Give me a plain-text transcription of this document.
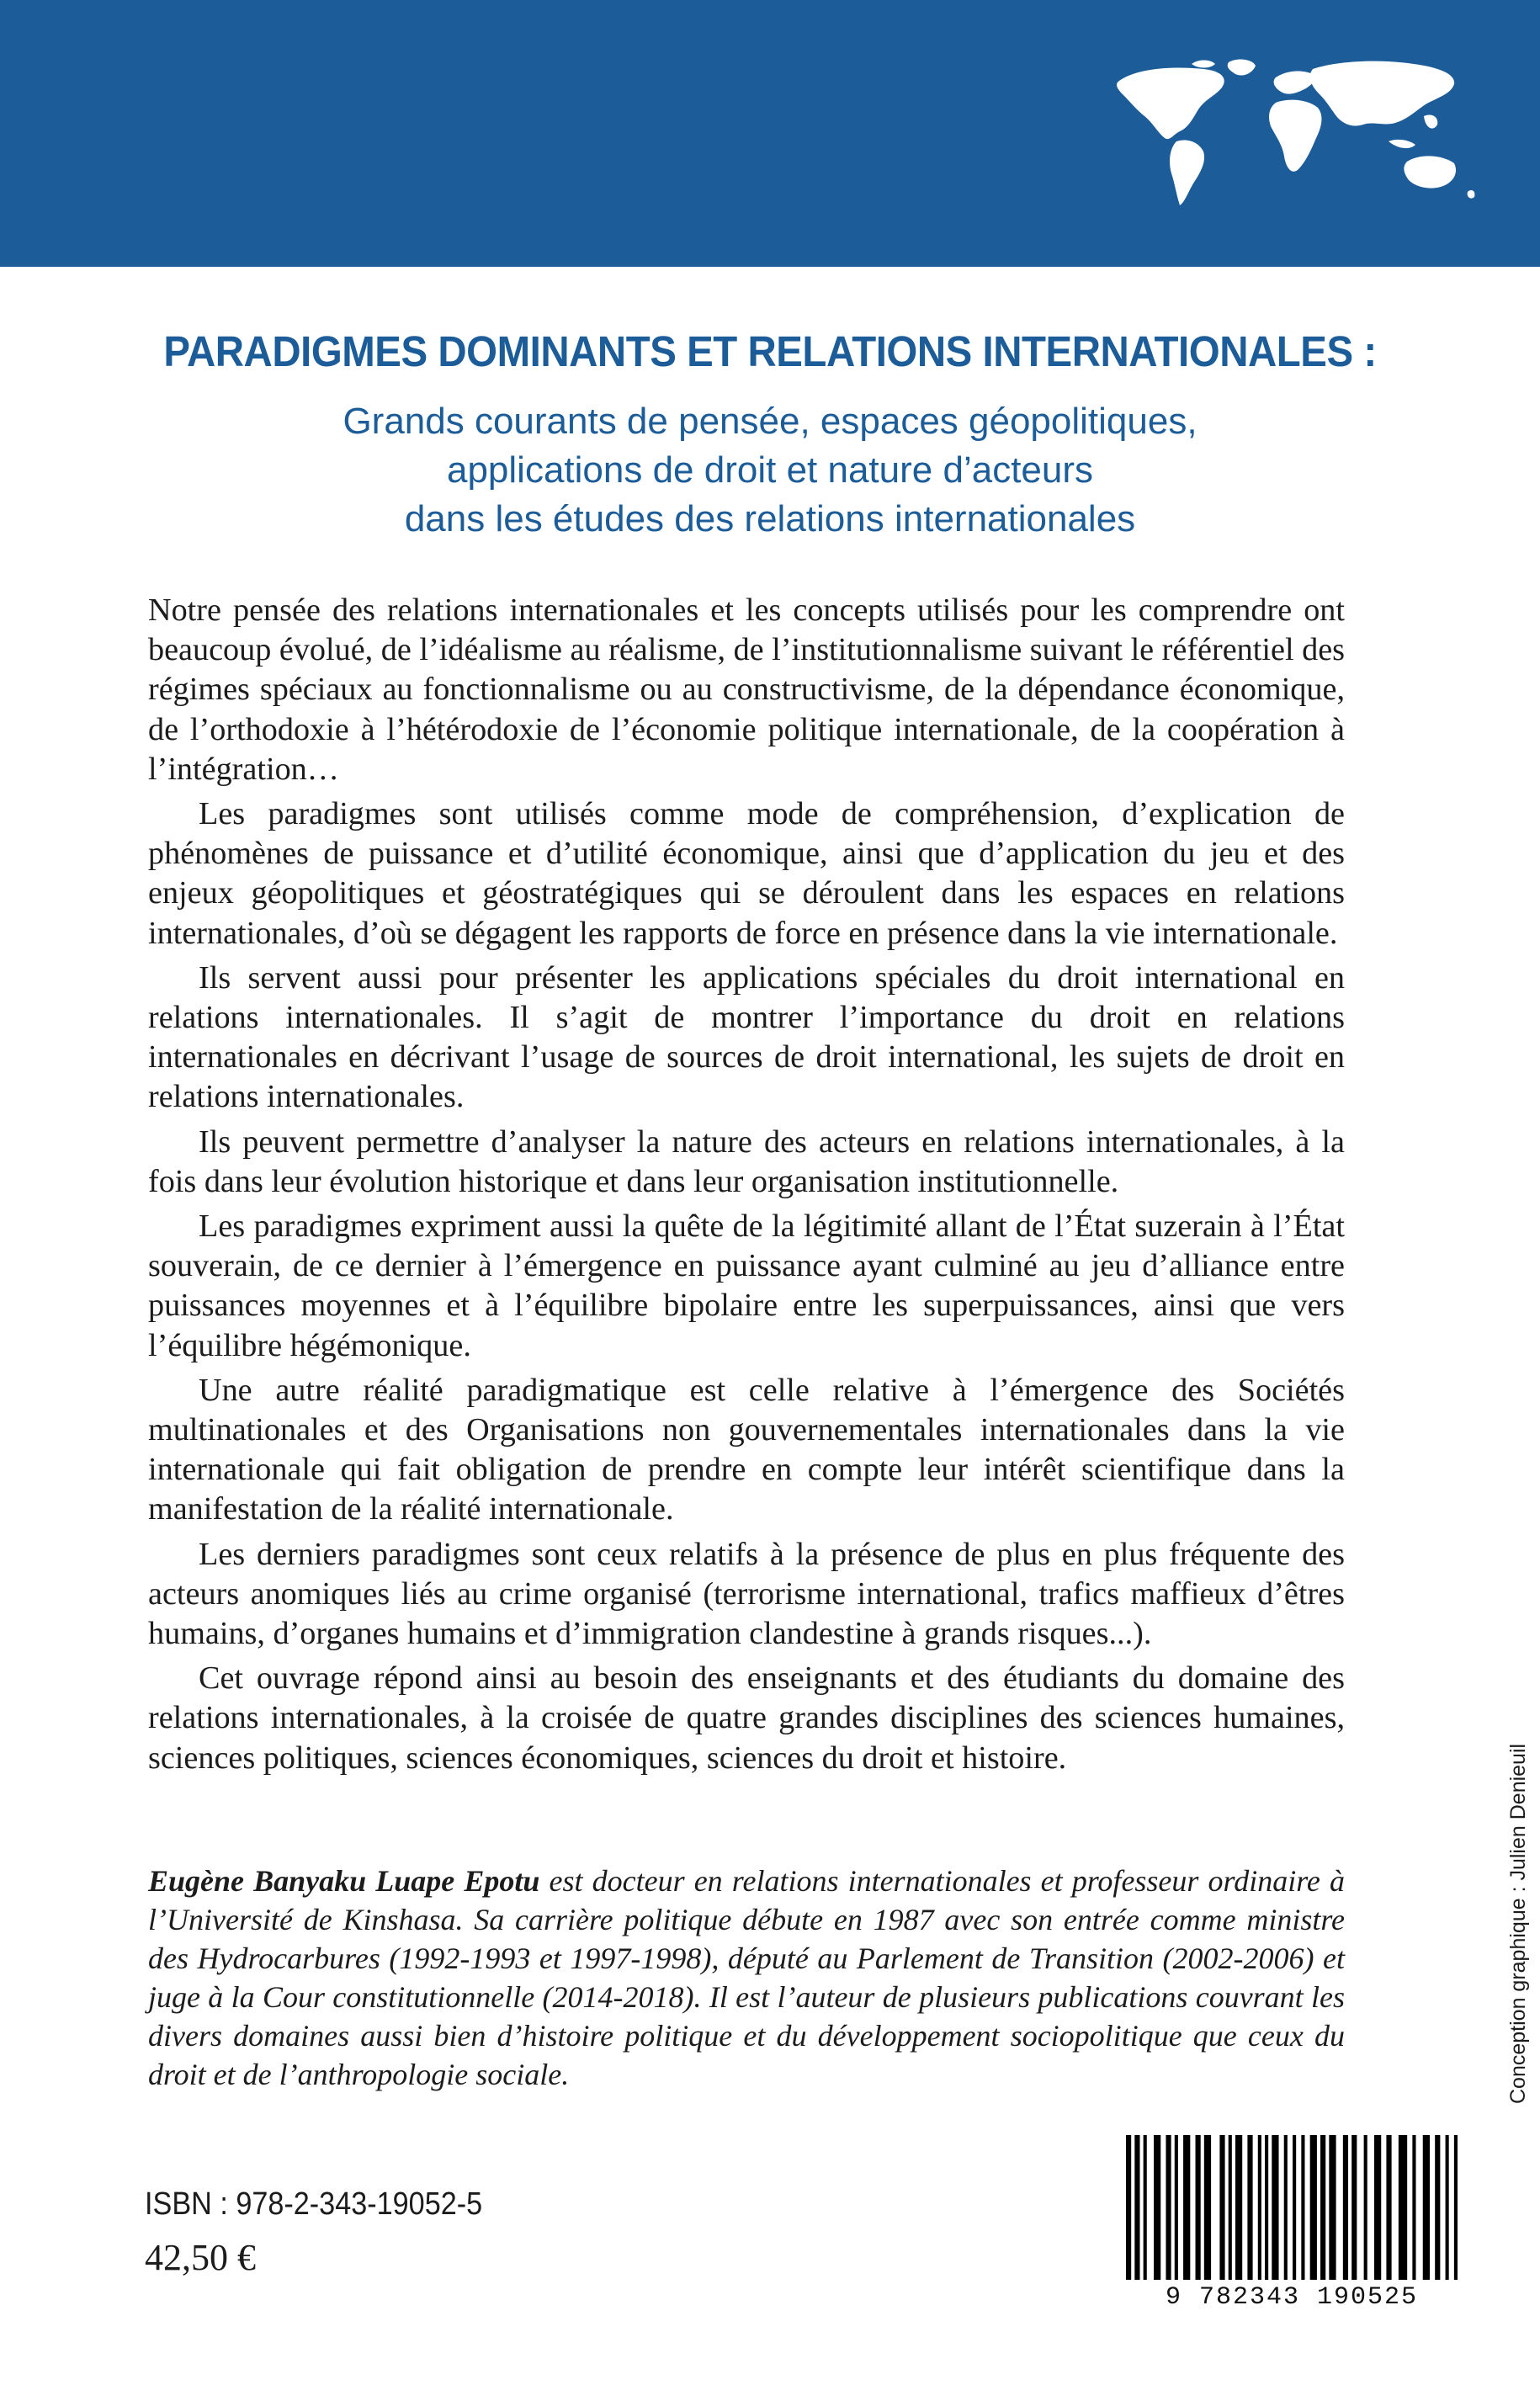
PARADIGMES DOMINANTS ET RELATIONS INTERNATIONALES :
Grands courants de pensée, espaces géopolitiques,
applications de droit et nature d’acteurs
dans les études des relations internationales

Notre pensée des relations internationales et les concepts utilisés pour les comprendre ont beaucoup évolué, de l’idéalisme au réalisme, de l’institutionnalisme suivant le référentiel des régimes spéciaux au fonctionnalisme ou au constructivisme, de la dépendance économique, de l’orthodoxie à l’hétérodoxie de l’économie politique internationale, de la coopération à l’intégration…

Les paradigmes sont utilisés comme mode de compréhension, d’explication de phénomènes de puissance et d’utilité économique, ainsi que d’application du jeu et des enjeux géopolitiques et géostratégiques qui se déroulent dans les espaces en relations internationales, d’où se dégagent les rapports de force en présence dans la vie internationale.

Ils servent aussi pour présenter les applications spéciales du droit international en relations internationales. Il s’agit de montrer l’importance du droit en relations internationales en décrivant l’usage de sources de droit international, les sujets de droit en relations internationales.

Ils peuvent permettre d’analyser la nature des acteurs en relations internationales, à la fois dans leur évolution historique et dans leur organisation institutionnelle.

Les paradigmes expriment aussi la quête de la légitimité allant de l’État suzerain à l’État souverain, de ce dernier à l’émergence en puissance ayant culminé au jeu d’alliance entre puissances moyennes et à l’équilibre bipolaire entre les superpuissances, ainsi que vers l’équilibre hégémonique.

Une autre réalité paradigmatique est celle relative à l’émergence des Sociétés multinationales et des Organisations non gouvernementales internationales dans la vie internationale qui fait obligation de prendre en compte leur intérêt scientifique dans la manifestation de la réalité internationale.

Les derniers paradigmes sont ceux relatifs à la présence de plus en plus fréquente des acteurs anomiques liés au crime organisé (terrorisme international, trafics maffieux d’êtres humains, d’organes humains et d’immigration clandestine à grands risques...).

Cet ouvrage répond ainsi au besoin des enseignants et des étudiants du domaine des relations internationales, à la croisée de quatre grandes disciplines des sciences humaines, sciences politiques, sciences économiques, sciences du droit et histoire.

Eugène Banyaku Luape Epotu est docteur en relations internationales et professeur ordinaire à l’Université de Kinshasa. Sa carrière politique débute en 1987 avec son entrée comme ministre des Hydrocarbures (1992-1993 et 1997-1998), député au Parlement de Transition (2002-2006) et juge à la Cour constitutionnelle (2014-2018). Il est l’auteur de plusieurs publications couvrant les divers domaines aussi bien d’histoire politique et du développement sociopolitique que ceux du droit et de l’anthropologie sociale.	Conception graphique : Julien Denieuil
ISBN : 978-2-343-19052-5
42,50 €
9 782343 190525
